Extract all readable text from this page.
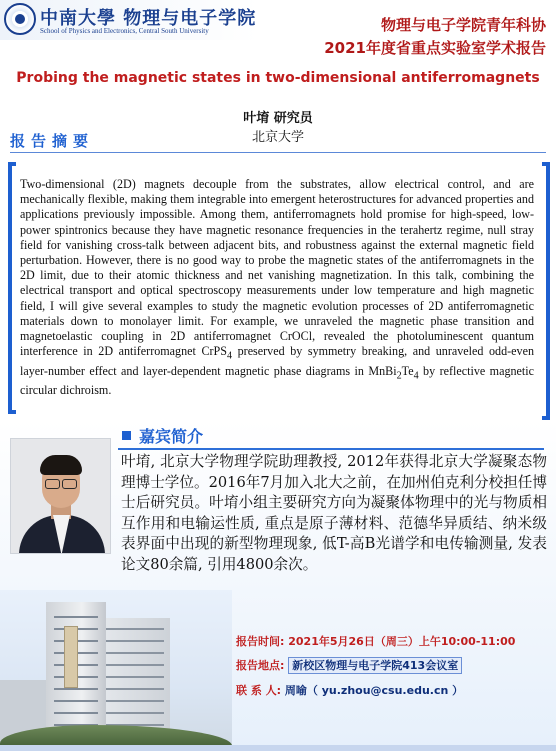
中南大學 物理与电子学院
School of Physics and Electronics, Central South University	物理与电子学院青年科协
2021年度省重点实验室学术报告
Probing the magnetic states in two-dimensional antiferromagnets
叶堉 研究员
北京大学
报告摘要
Two-dimensional (2D) magnets decouple from the substrates, allow electrical control, and are mechanically flexible, making them integrable into emergent heterostructures for advanced properties and applications previously impossible. Among them, antiferromagnets hold promise for high-speed, low-power spintronics because they have magnetic resonance frequencies in the terahertz regime, null stray field for vanishing cross-talk between adjacent bits, and robustness against the external magnetic field perturbation. However, there is no good way to probe the magnetic states of the antiferromagnets in the 2D limit, due to their atomic thickness and net vanishing magnetization. In this talk, combining the electrical transport and optical spectroscopy measurements under low temperature and high magnetic field, I will give several examples to study the magnetic evolution processes of 2D antiferromagnetic materials down to monolayer limit. For example, we unraveled the magnetic phase transition and magnetoelastic coupling in 2D antiferromagnet CrOCl, revealed the photoluminescent quantum interference in 2D antiferromagnet CrPS$_4$ preserved by symmetry breaking, and unraveled odd-even layer-number effect and layer-dependent magnetic phase diagrams in $MnBi_2Te_4$ by reflective magnetic circular dichroism.
嘉宾简介
叶堉, 北京大学物理学院助理教授, 2012年获得北京大学凝聚态物理博士学位。2016年7月加入北大之前，在加州伯克利分校担任博士后研究员。叶堉小组主要研究方向为凝聚体物理中的光与物质相互作用和电输运性质, 重点是原子薄材料、范德华异质结、纳米级表界面中出现的新型物理现象, 低T-高B光谱学和电传输测量, 发表论文80余篇, 引用4800余次。
报告时间: 2021年5月26日（周三）上午10:00-11:00
报告地点: 新校区物理与电子学院413会议室
联 系 人: 周喻（ yu.zhou@csu.edu.cn ）
